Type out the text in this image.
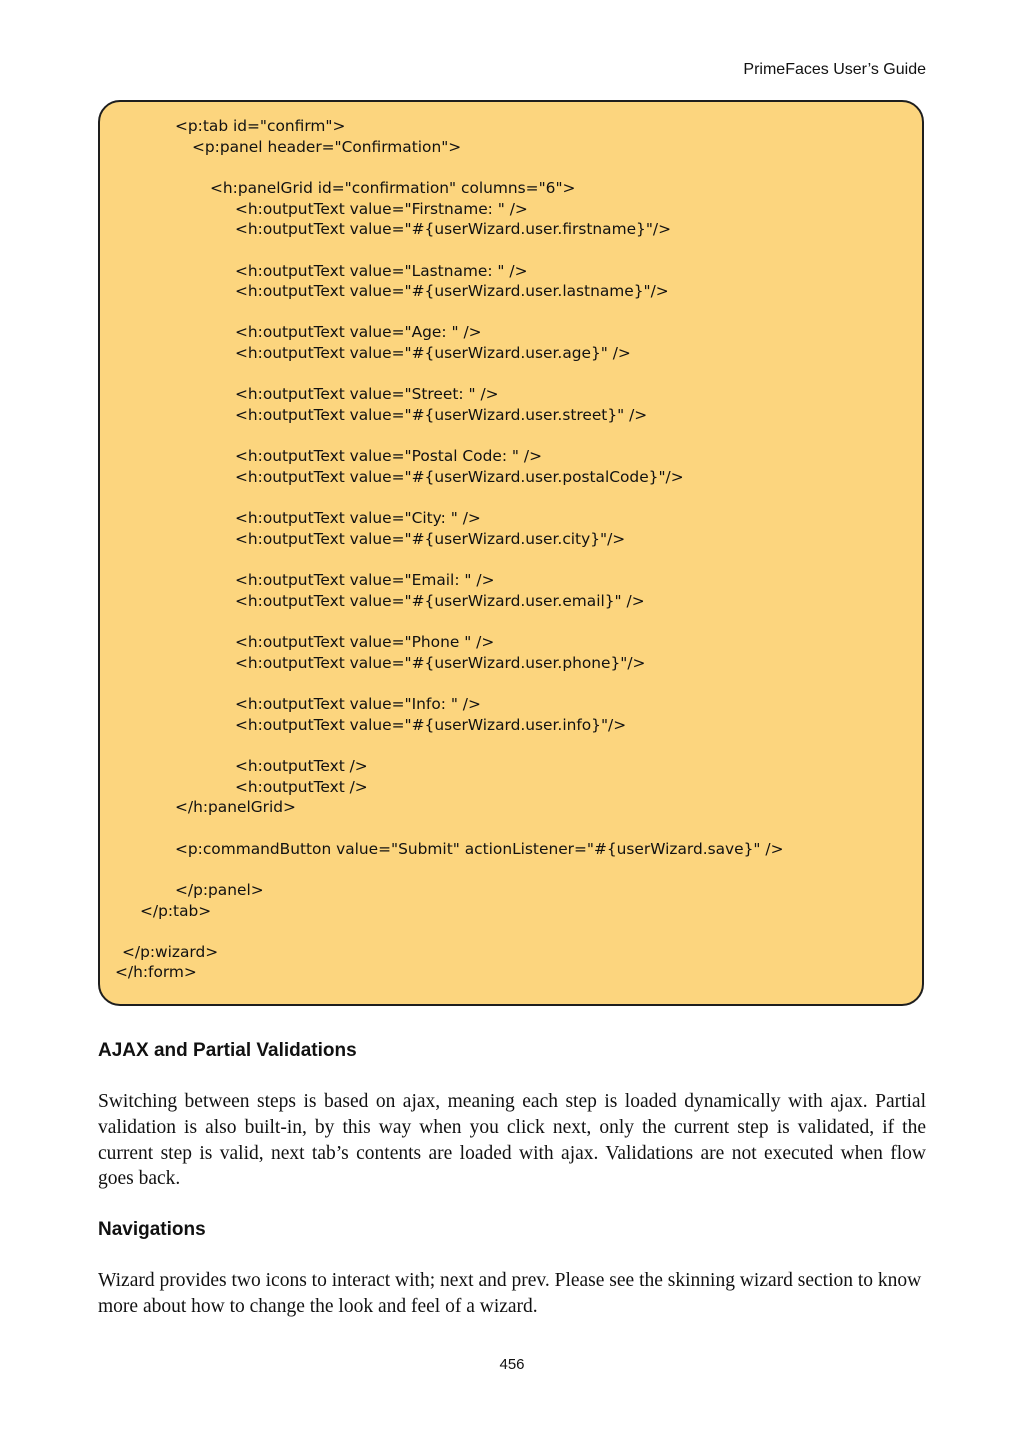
PrimeFaces User’s Guide
<p:tab id="confirm">
<p:panel header="Confirmation">
<h:panelGrid id="confirmation" columns="6">
<h:outputText value="Firstname: " />
<h:outputText value="#{userWizard.user.firstname}"/>
<h:outputText value="Lastname: " />
<h:outputText value="#{userWizard.user.lastname}"/>
<h:outputText value="Age: " />
<h:outputText value="#{userWizard.user.age}" />
<h:outputText value="Street: " />
<h:outputText value="#{userWizard.user.street}" />
<h:outputText value="Postal Code: " />
<h:outputText value="#{userWizard.user.postalCode}"/>
<h:outputText value="City: " />
<h:outputText value="#{userWizard.user.city}"/>
<h:outputText value="Email: " />
<h:outputText value="#{userWizard.user.email}" />
<h:outputText value="Phone " />
<h:outputText value="#{userWizard.user.phone}"/>
<h:outputText value="Info: " />
<h:outputText value="#{userWizard.user.info}"/>
<h:outputText />
<h:outputText />
</h:panelGrid>
<p:commandButton value="Submit" actionListener="#{userWizard.save}" />
</p:panel>
</p:tab>
</p:wizard>
</h:form>
AJAX and Partial Validations
Switching between steps is based on ajax, meaning each step is loaded dynamically with ajax. Partial validation is also built-in, by this way when you click next, only the current step is validated, if the current step is valid, next tab’s contents are loaded with ajax. Validations are not executed when flow goes back.
Navigations
Wizard provides two icons to interact with; next and prev. Please see the skinning wizard section to know more about how to change the look and feel of a wizard.
456
